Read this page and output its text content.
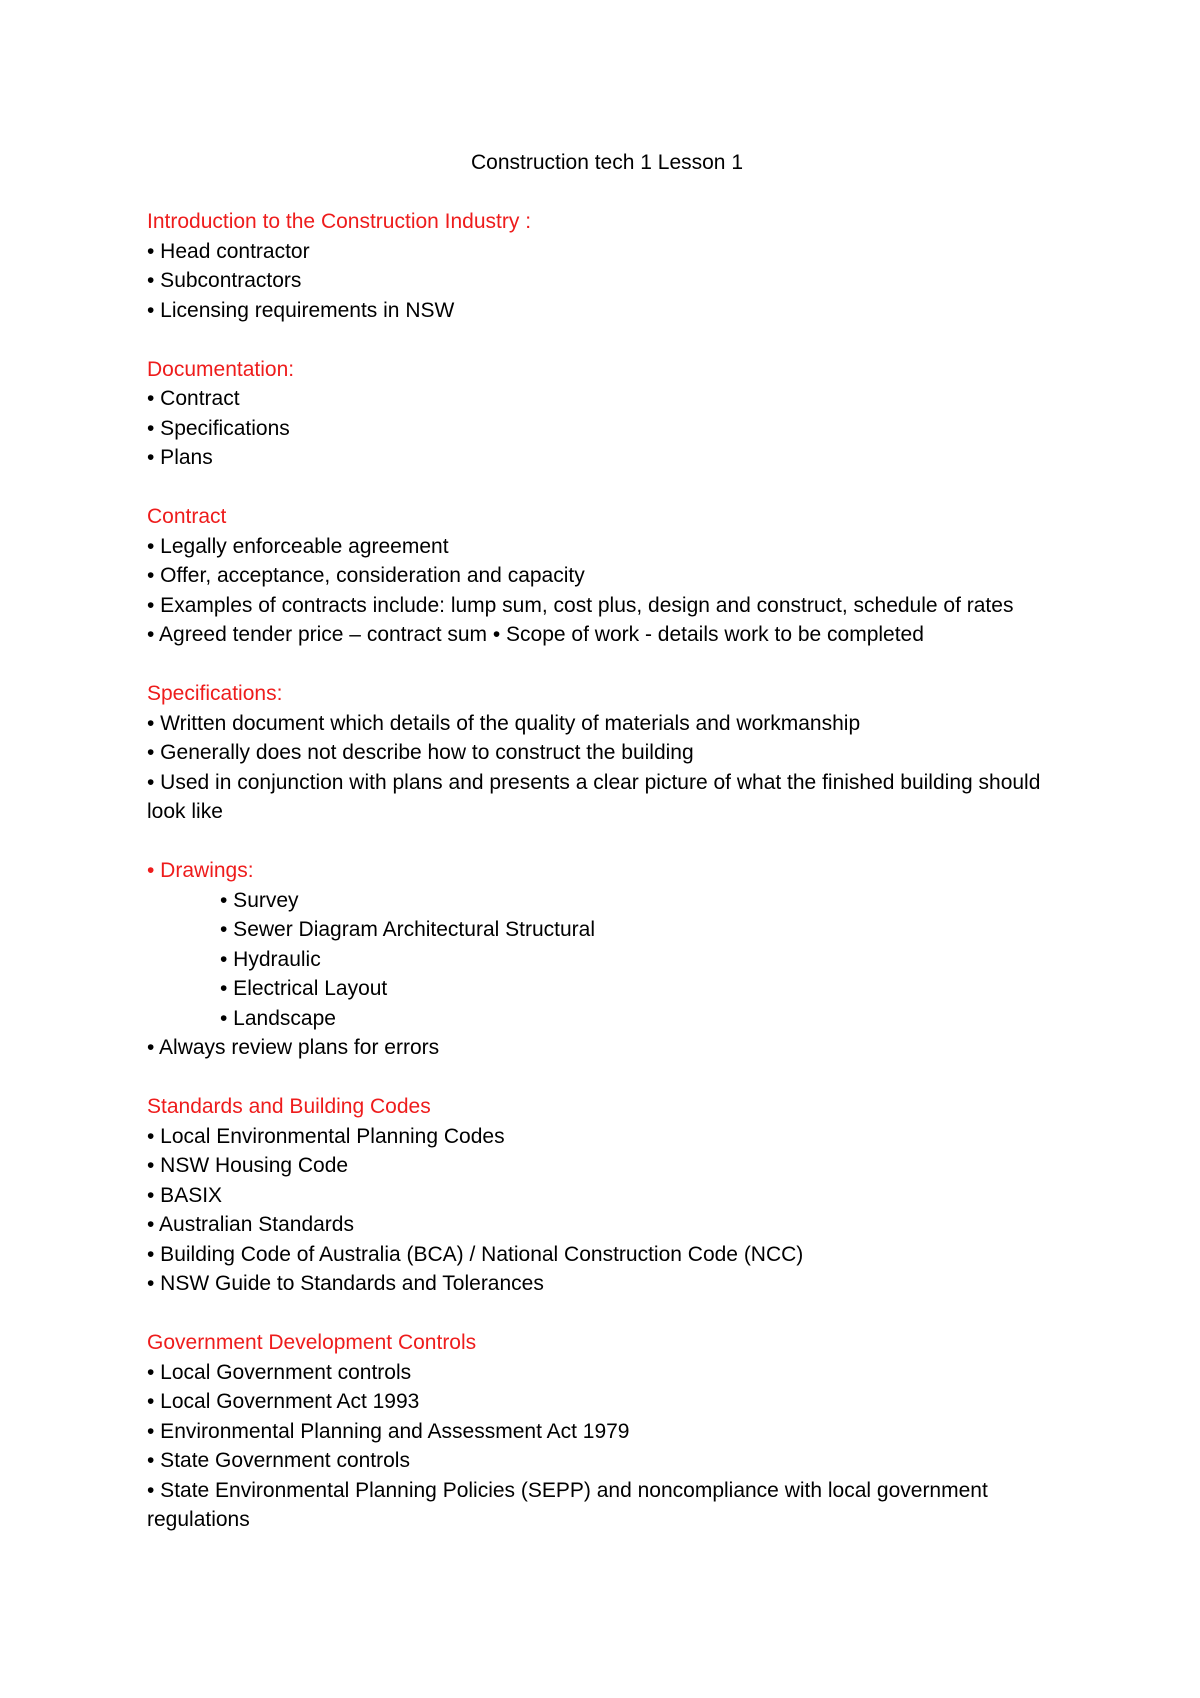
Construction tech 1 Lesson 1
Introduction to the Construction Industry :
• Head contractor
• Subcontractors
• Licensing requirements in NSW
Documentation:
• Contract
• Specifications
• Plans
Contract
• Legally enforceable agreement
• Offer, acceptance, consideration and capacity
• Examples of contracts include: lump sum, cost plus, design and construct, schedule of rates
• Agreed tender price – contract sum • Scope of work - details work to be completed
Specifications:
• Written document which details of the quality of materials and workmanship
• Generally does not describe how to construct the building
• Used in conjunction with plans and presents a clear picture of what the finished building should look like
• Drawings:
• Survey
• Sewer Diagram Architectural Structural
• Hydraulic
• Electrical Layout
• Landscape
• Always review plans for errors
Standards and Building Codes
• Local Environmental Planning Codes
• NSW Housing Code
• BASIX
• Australian Standards
• Building Code of Australia (BCA) / National Construction Code (NCC)
• NSW Guide to Standards and Tolerances
Government Development Controls
• Local Government controls
• Local Government Act 1993
• Environmental Planning and Assessment Act 1979
• State Government controls
• State Environmental Planning Policies (SEPP) and noncompliance with local government regulations
